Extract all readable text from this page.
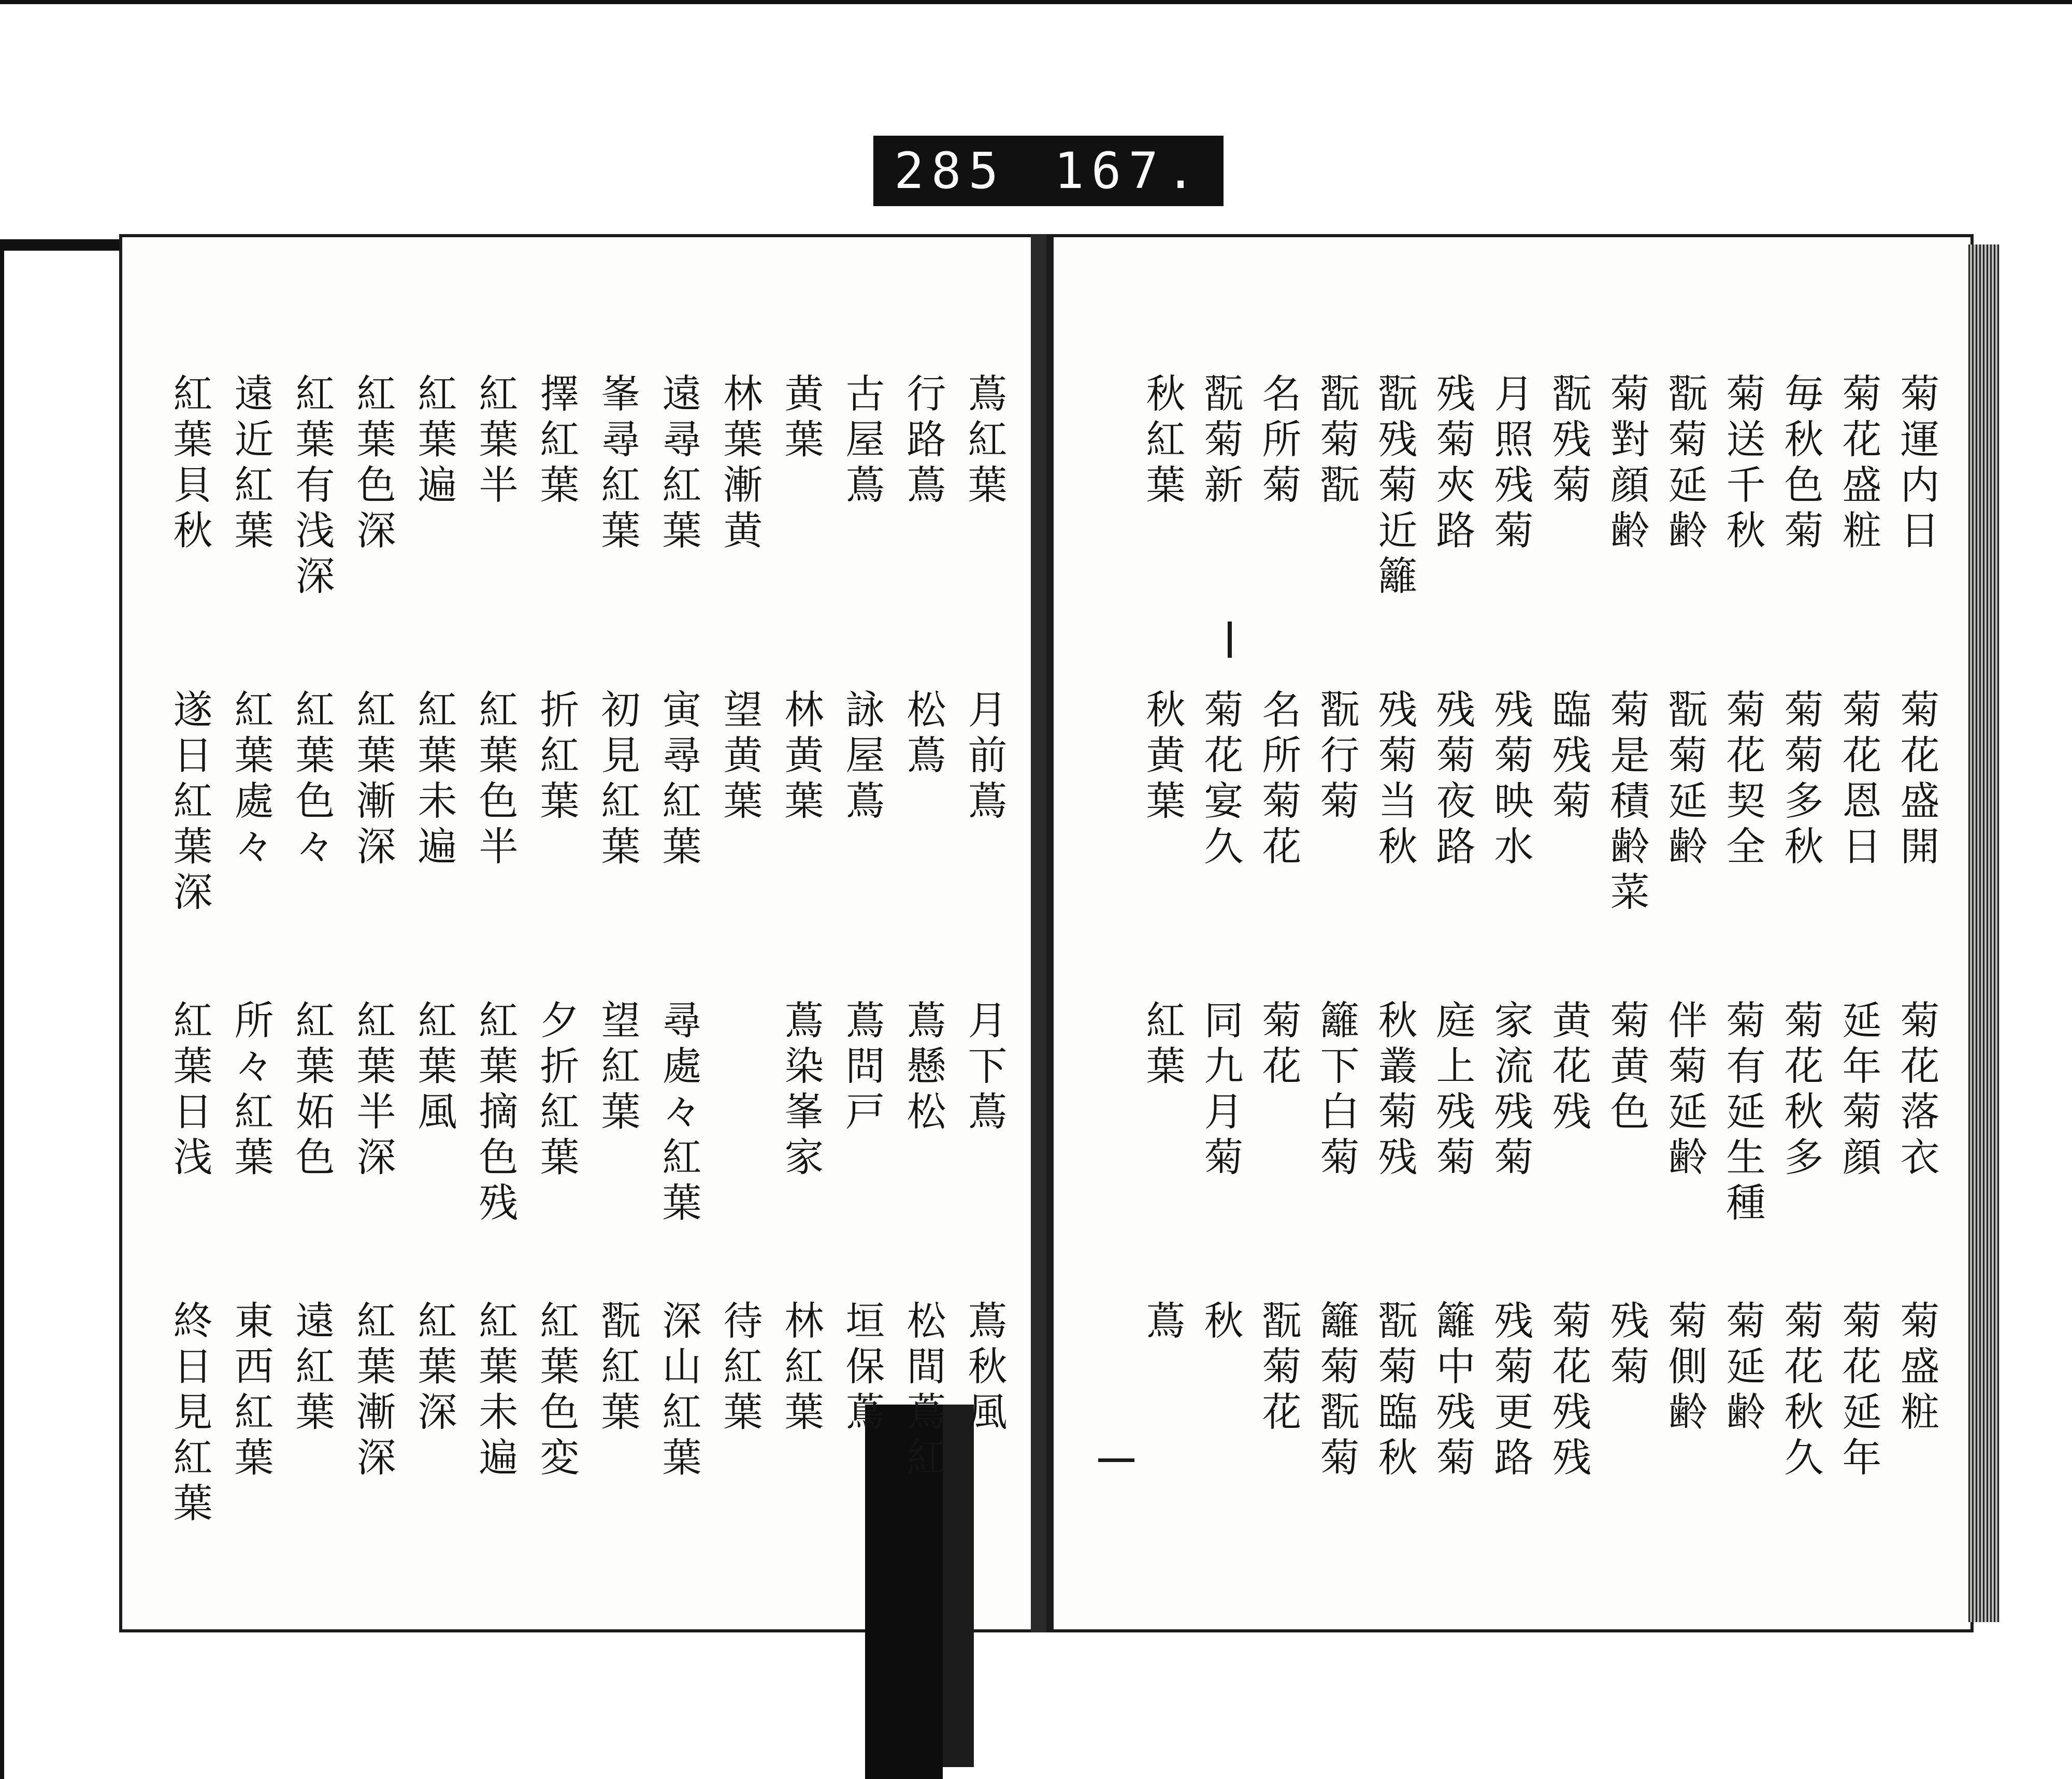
285 167.
菊運内日
菊花盛開
菊花落衣
菊盛粧
菊花盛粧
菊花恩日
延年菊顔
菊花延年
毎秋色菊
菊菊多秋
菊花秋多
菊花秋久
菊送千秋
菊花契全
菊有延生種
菊延齢
翫菊延齢
翫菊延齢
伴菊延齢
菊側齢
菊對顔齢
菊是積齢菜
菊黄色
残菊
翫残菊
臨残菊
黄花残
菊花残残
月照残菊
残菊映水
家流残菊
残菊更路
残菊夾路
残菊夜路
庭上残菊
籬中残菊
翫残菊近籬
残菊当秋
秋叢菊残
翫菊臨秋
翫菊翫
翫行菊
籬下白菊
籬菊翫菊
名所菊
名所菊花
菊花
翫菊花
翫菊新
菊花宴久
同九月菊
秋
秋紅葉
秋黄葉
紅葉
蔦
蔦紅葉
月前蔦
月下蔦
蔦秋風
行路蔦
松蔦
蔦懸松
松間蔦紅
古屋蔦
詠屋蔦
蔦問戸
垣保蔦
黄葉
林黄葉
蔦染峯家
林紅葉
林葉漸黄
望黄葉
待紅葉
遠尋紅葉
寅尋紅葉
尋處々紅葉
深山紅葉
峯尋紅葉
初見紅葉
望紅葉
翫紅葉
擇紅葉
折紅葉
夕折紅葉
紅葉色変
紅葉半
紅葉色半
紅葉摘色残
紅葉未遍
紅葉遍
紅葉未遍
紅葉風
紅葉深
紅葉色深
紅葉漸深
紅葉半深
紅葉漸深
紅葉有浅深
紅葉色々
紅葉妬色
遠紅葉
遠近紅葉
紅葉處々
所々紅葉
東西紅葉
紅葉貝秋
遂日紅葉深
紅葉日浅
終日見紅葉
